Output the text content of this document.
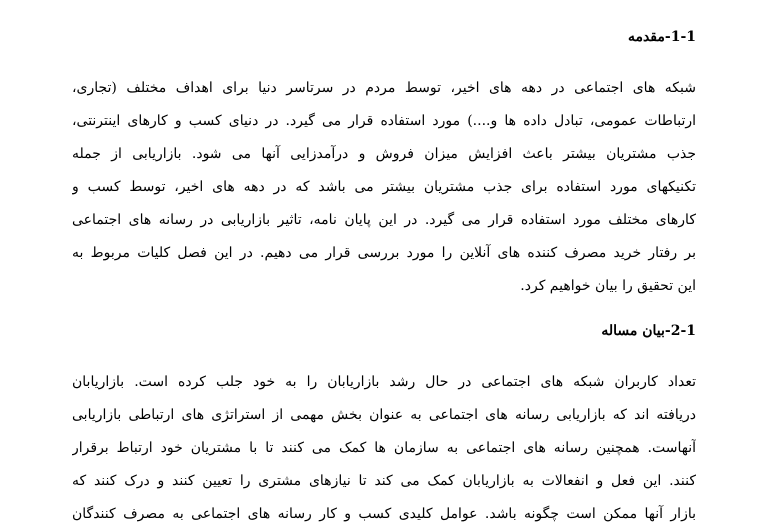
1-1-مقدمه
شبکه های اجتماعی در دهه های اخیر، توسط مردم در سرتاسر دنیا برای اهداف مختلف (تجاری،
ارتباطات عمومی، تبادل داده ها و....) مورد استفاده قرار می گیرد. در دنیای کسب و کارهای اینترنتی،
جذب مشتریان بیشتر باعث افزایش میزان فروش و درآمدزایی آنها می شود. بازاریابی از جمله
تکنیکهای مورد استفاده برای جذب مشتریان بیشتر می باشد که در دهه های اخیر، توسط کسب و
کارهای مختلف مورد استفاده قرار می گیرد. در این پایان نامه، تاثیر بازاریابی در رسانه های اجتماعی
بر رفتار خرید مصرف کننده های آنلاین را مورد بررسی قرار می دهیم. در این فصل کلیات مربوط به
این تحقیق را بیان خواهیم کرد.
2-1-بیان مساله
تعداد کاربران شبکه های اجتماعی در حال رشد بازاریابان را به خود جلب کرده است. بازاریابان
دریافته اند که بازاریابی رسانه های اجتماعی به عنوان بخش مهمی از استراتژی های ارتباطی بازاریابی
آنهاست. همچنین رسانه های اجتماعی به سازمان ها کمک می کنند تا با مشتریان خود ارتباط برقرار
کنند. این فعل و انفعالات به بازاریابان کمک می کند تا نیازهای مشتری را تعیین کنند و درک کنند که
بازار آنها ممکن است چگونه باشد. عوامل کلیدی کسب و کار رسانه های اجتماعی به مصرف کنندگان
